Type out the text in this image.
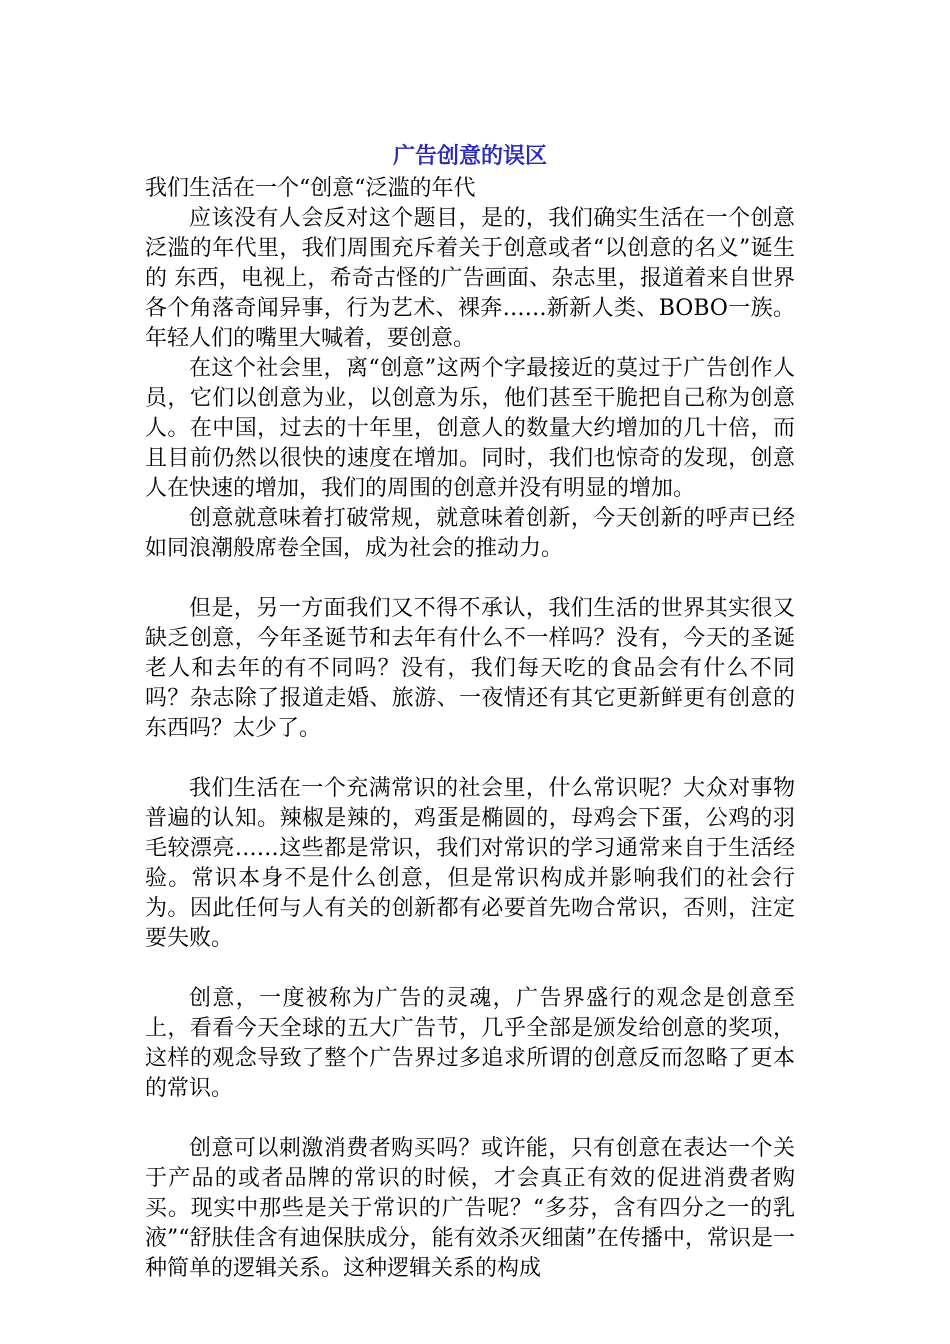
广告创意的误区

我们生活在一个“创意“泛滥的年代

应该没有人会反对这个题目，是的，我们确实生活在一个创意泛滥的年代里，我们周围充斥着关于创意或者“以创意的名义”诞生的 东西，电视上，希奇古怪的广告画面、杂志里，报道着来自世界各个角落奇闻异事，行为艺术、裸奔……新新人类、BOBO一族。年轻人们的嘴里大喊着，要创意。

在这个社会里，离“创意”这两个字最接近的莫过于广告创作人员，它们以创意为业，以创意为乐，他们甚至干脆把自己称为创意人。在中国，过去的十年里，创意人的数量大约增加的几十倍，而且目前仍然以很快的速度在增加。同时，我们也惊奇的发现，创意人在快速的增加，我们的周围的创意并没有明显的增加。

创意就意味着打破常规，就意味着创新，今天创新的呼声已经如同浪潮般席卷全国，成为社会的推动力。

但是，另一方面我们又不得不承认，我们生活的世界其实很又缺乏创意，今年圣诞节和去年有什么不一样吗？没有，今天的圣诞老人和去年的有不同吗？没有，我们每天吃的食品会有什么不同吗？杂志除了报道走婚、旅游、一夜情还有其它更新鲜更有创意的东西吗？太少了。

我们生活在一个充满常识的社会里，什么常识呢？大众对事物普遍的认知。辣椒是辣的，鸡蛋是椭圆的，母鸡会下蛋，公鸡的羽毛较漂亮……这些都是常识，我们对常识的学习通常来自于生活经验。常识本身不是什么创意，但是常识构成并影响我们的社会行为。因此任何与人有关的创新都有必要首先吻合常识，否则，注定要失败。

创意，一度被称为广告的灵魂，广告界盛行的观念是创意至上，看看今天全球的五大广告节，几乎全部是颁发给创意的奖项，这样的观念导致了整个广告界过多追求所谓的创意反而忽略了更本的常识。

创意可以刺激消费者购买吗？或许能，只有创意在表达一个关于产品的或者品牌的常识的时候，才会真正有效的促进消费者购买。现实中那些是关于常识的广告呢？“多芬，含有四分之一的乳液”“舒肤佳含有迪保肤成分，能有效杀灭细菌”在传播中，常识是一种简单的逻辑关系。这种逻辑关系的构成
